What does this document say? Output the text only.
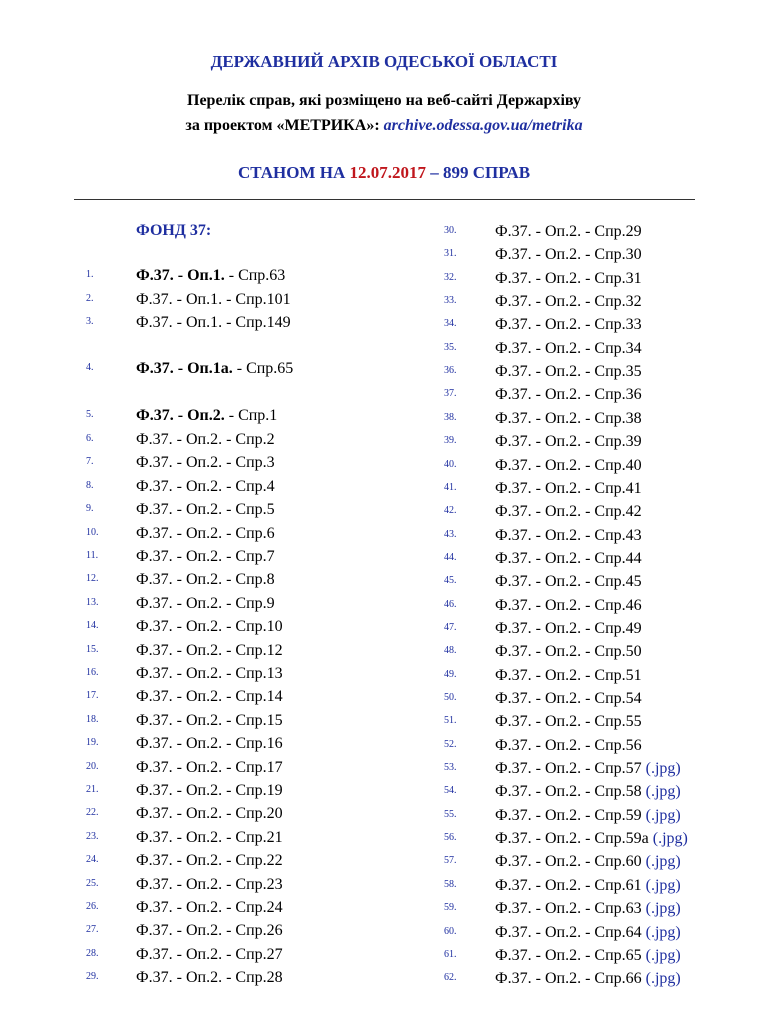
ДЕРЖАВНИЙ АРХІВ ОДЕСЬКОЇ ОБЛАСТІ
Перелік справ, які розміщено на веб-сайті Держархіву
за проектом «МЕТРИКА»: archive.odessa.gov.ua/metrika
СТАНОМ НА 12.07.2017 – 899 СПРАВ
ФОНД 37:
1.	Ф.37. - Оп.1. - Спр.63
2.	Ф.37. - Оп.1. - Спр.101
3.	Ф.37. - Оп.1. - Спр.149
4.	Ф.37. - Оп.1а. - Спр.65
5.	Ф.37. - Оп.2. - Спр.1
6.	Ф.37. - Оп.2. - Спр.2
7.	Ф.37. - Оп.2. - Спр.3
8.	Ф.37. - Оп.2. - Спр.4
9.	Ф.37. - Оп.2. - Спр.5
10. Ф.37. - Оп.2. - Спр.6
11. Ф.37. - Оп.2. - Спр.7
12. Ф.37. - Оп.2. - Спр.8
13. Ф.37. - Оп.2. - Спр.9
14. Ф.37. - Оп.2. - Спр.10
15. Ф.37. - Оп.2. - Спр.12
16. Ф.37. - Оп.2. - Спр.13
17. Ф.37. - Оп.2. - Спр.14
18. Ф.37. - Оп.2. - Спр.15
19. Ф.37. - Оп.2. - Спр.16
20. Ф.37. - Оп.2. - Спр.17
21. Ф.37. - Оп.2. - Спр.19
22. Ф.37. - Оп.2. - Спр.20
23. Ф.37. - Оп.2. - Спр.21
24. Ф.37. - Оп.2. - Спр.22
25. Ф.37. - Оп.2. - Спр.23
26. Ф.37. - Оп.2. - Спр.24
27. Ф.37. - Оп.2. - Спр.26
28. Ф.37. - Оп.2. - Спр.27
29. Ф.37. - Оп.2. - Спр.28
30. Ф.37. - Оп.2. - Спр.29
31. Ф.37. - Оп.2. - Спр.30
32. Ф.37. - Оп.2. - Спр.31
33. Ф.37. - Оп.2. - Спр.32
34. Ф.37. - Оп.2. - Спр.33
35. Ф.37. - Оп.2. - Спр.34
36. Ф.37. - Оп.2. - Спр.35
37. Ф.37. - Оп.2. - Спр.36
38. Ф.37. - Оп.2. - Спр.38
39. Ф.37. - Оп.2. - Спр.39
40. Ф.37. - Оп.2. - Спр.40
41. Ф.37. - Оп.2. - Спр.41
42. Ф.37. - Оп.2. - Спр.42
43. Ф.37. - Оп.2. - Спр.43
44. Ф.37. - Оп.2. - Спр.44
45. Ф.37. - Оп.2. - Спр.45
46. Ф.37. - Оп.2. - Спр.46
47. Ф.37. - Оп.2. - Спр.49
48. Ф.37. - Оп.2. - Спр.50
49. Ф.37. - Оп.2. - Спр.51
50. Ф.37. - Оп.2. - Спр.54
51. Ф.37. - Оп.2. - Спр.55
52. Ф.37. - Оп.2. - Спр.56
53. Ф.37. - Оп.2. - Спр.57 (.jpg)
54. Ф.37. - Оп.2. - Спр.58 (.jpg)
55. Ф.37. - Оп.2. - Спр.59 (.jpg)
56. Ф.37. - Оп.2. - Спр.59а (.jpg)
57. Ф.37. - Оп.2. - Спр.60 (.jpg)
58. Ф.37. - Оп.2. - Спр.61 (.jpg)
59. Ф.37. - Оп.2. - Спр.63 (.jpg)
60. Ф.37. - Оп.2. - Спр.64 (.jpg)
61. Ф.37. - Оп.2. - Спр.65 (.jpg)
62. Ф.37. - Оп.2. - Спр.66 (.jpg)
